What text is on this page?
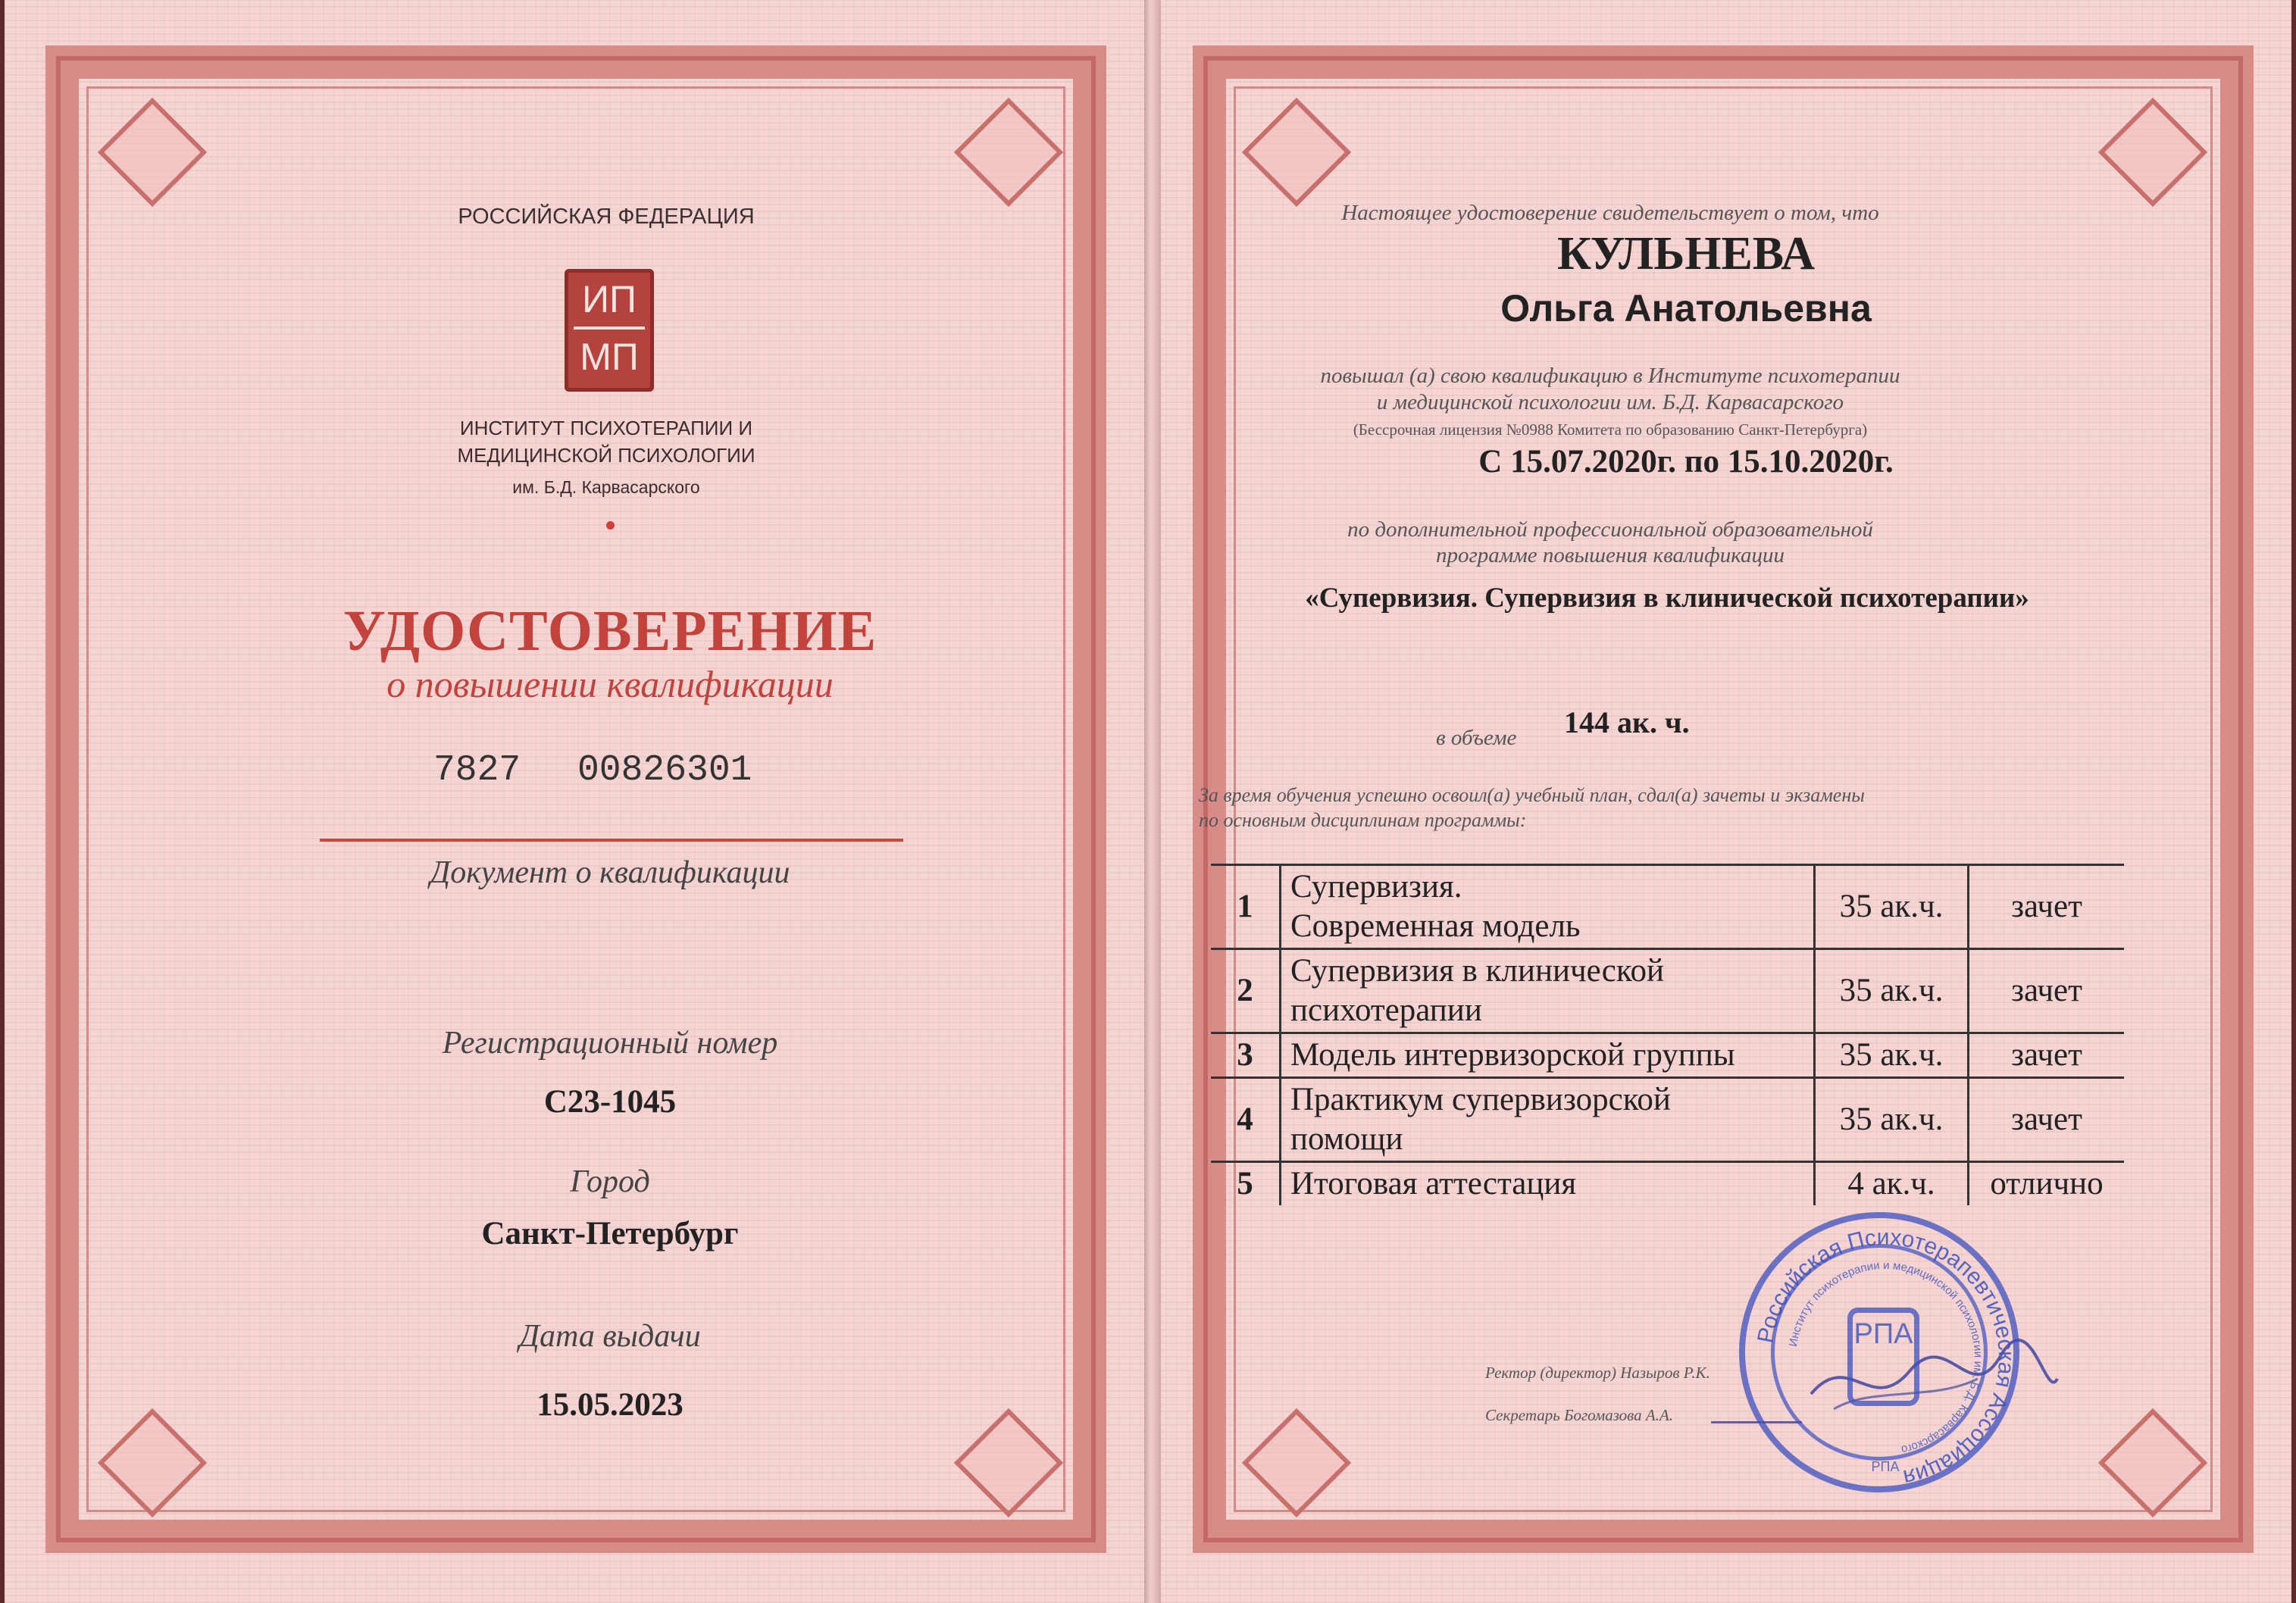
РОССИЙСКАЯ ФЕДЕРАЦИЯ

ИП
МП

ИНСТИТУТ ПСИХОТЕРАПИИ И

МЕДИЦИНСКОЙ ПСИХОЛОГИИ

им. Б.Д. Карвасарского

УДОСТОВЕРЕНИЕ

о повышении квалификации

7827 00826301

Документ о квалификации

Регистрационный номер

С23-1045

Город

Санкт-Петербург

Дата выдачи

15.05.2023

Настоящее удостоверение свидетельствует о том, что

КУЛЬНЕВА

Ольга Анатольевна

повышал (а) свою квалификацию в Институте психотерапии

и медицинской психологии им. Б.Д. Карвасарского

(Бессрочная лицензия №0988 Комитета по образованию Санкт-Петербурга)

С 15.07.2020г. по 15.10.2020г.

по дополнительной профессиональной образовательной

программе повышения квалификации

«Супервизия. Супервизия в клинической психотерапии»

в объеме 144 ак. ч.

За время обучения успешно освоил(а) учебный план, сдал(а) зачеты и экзамены

по основным дисциплинам программы:

1	Супервизия.
Современная модель	35 ак.ч.	зачет
2	Супервизия в клинической
психотерапии	35 ак.ч.	зачет
3	Модель интервизорской группы	35 ак.ч.	зачет
4	Практикум супервизорской
помощи	35 ак.ч.	зачет
5	Итоговая аттестация	4 ак.ч.	отлично

Ректор (директор) Назыров Р.К.

Секретарь Богомазова А.А.

Российская Психотерапевтическая Ассоциация
Институт психотерапии и медицинской психологии им. Б.Д. Карвасарского
РПА

РПА
